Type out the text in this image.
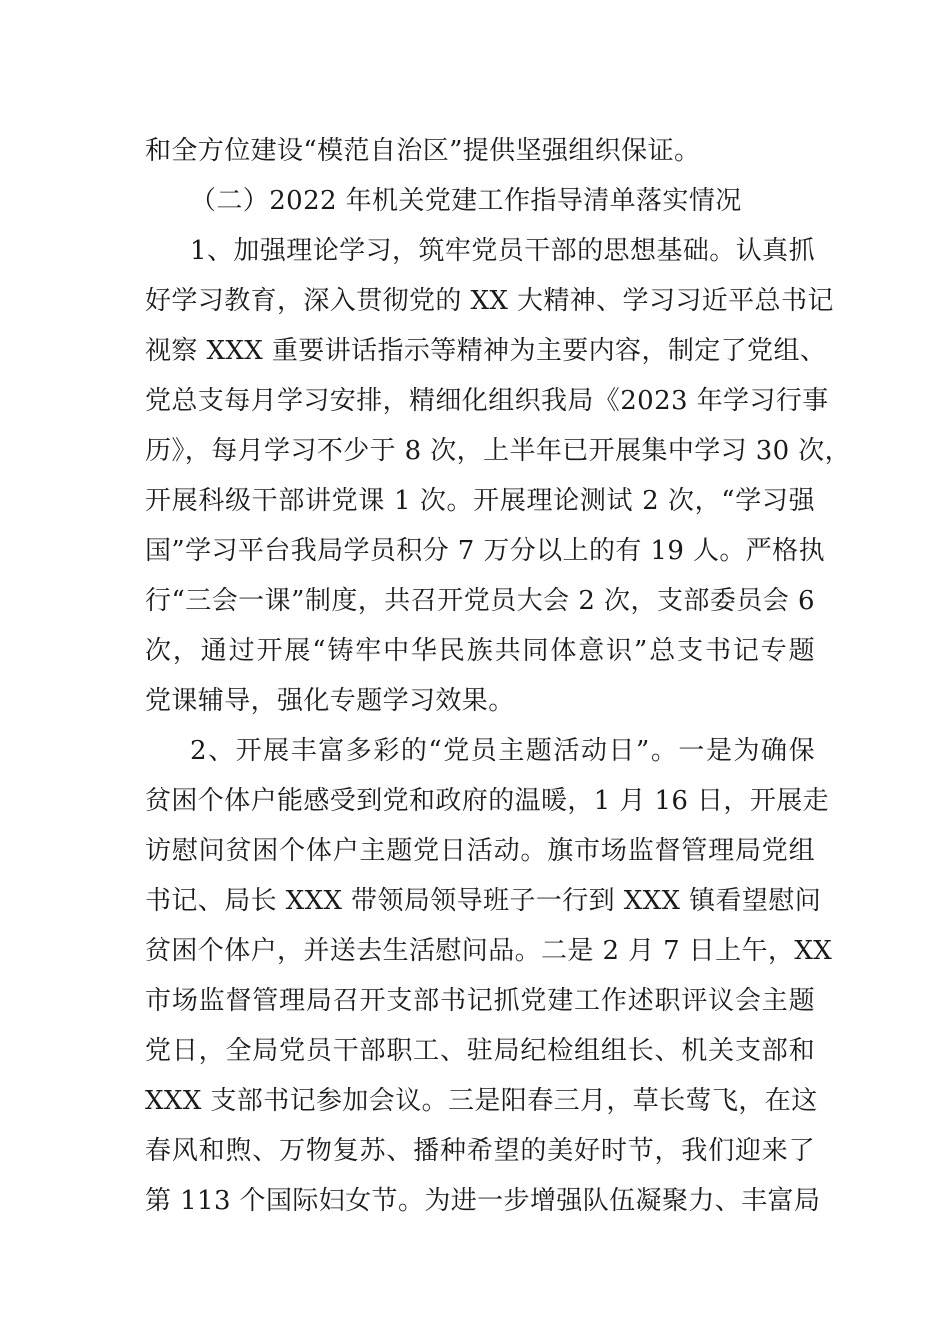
和全方位建设“模范自治区”提供坚强组织保证。
（二）2022 年机关党建工作指导清单落实情况
1、加强理论学习，筑牢党员干部的思想基础。认真抓
好学习教育，深入贯彻党的 XX 大精神、学习习近平总书记
视察 XXX 重要讲话指示等精神为主要内容，制定了党组、
党总支每月学习安排，精细化组织我局《2023 年学习行事
历》，每月学习不少于 8 次，上半年已开展集中学习 30 次，
开展科级干部讲党课 1 次。开展理论测试 2 次，“学习强
国”学习平台我局学员积分 7 万分以上的有 19 人。严格执
行“三会一课”制度，共召开党员大会 2 次，支部委员会 6
次，通过开展“铸牢中华民族共同体意识”总支书记专题
党课辅导，强化专题学习效果。
2、开展丰富多彩的“党员主题活动日”。一是为确保
贫困个体户能感受到党和政府的温暖，1 月 16 日，开展走
访慰问贫困个体户主题党日活动。旗市场监督管理局党组
书记、局长 XXX 带领局领导班子一行到 XXX 镇看望慰问
贫困个体户，并送去生活慰问品。二是 2 月 7 日上午，XX
市场监督管理局召开支部书记抓党建工作述职评议会主题
党日，全局党员干部职工、驻局纪检组组长、机关支部和
XXX 支部书记参加会议。三是阳春三月，草长莺飞，在这
春风和煦、万物复苏、播种希望的美好时节，我们迎来了
第 113 个国际妇女节。为进一步增强队伍凝聚力、丰富局
